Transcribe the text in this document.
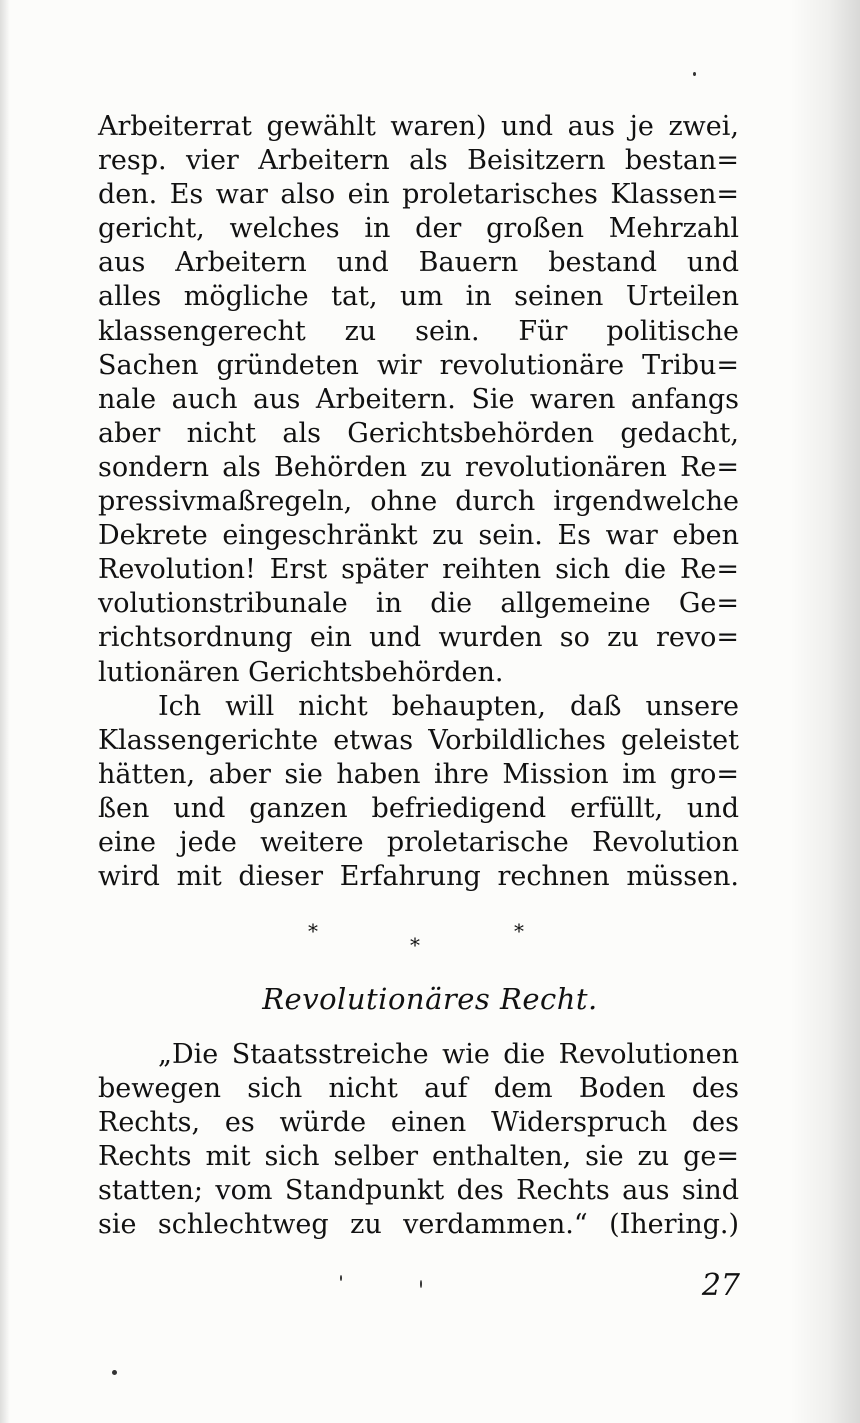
Arbeiterrat gewählt waren) und aus je zwei,
resp. vier Arbeitern als Beisitzern bestan=
den. Es war also ein proletarisches Klassen=
gericht, welches in der großen Mehrzahl
aus Arbeitern und Bauern bestand und
alles mögliche tat, um in seinen Urteilen
klassengerecht zu sein. Für politische
Sachen gründeten wir revolutionäre Tribu=
nale auch aus Arbeitern. Sie waren anfangs
aber nicht als Gerichtsbehörden gedacht,
sondern als Behörden zu revolutionären Re=
pressivmaßregeln, ohne durch irgendwelche
Dekrete eingeschränkt zu sein. Es war eben
Revolution! Erst später reihten sich die Re=
volutionstribunale in die allgemeine Ge=
richtsordnung ein und wurden so zu revo=
lutionären Gerichtsbehörden.
Ich will nicht behaupten, daß unsere
Klassengerichte etwas Vorbildliches geleistet
hätten, aber sie haben ihre Mission im gro=
ßen und ganzen befriedigend erfüllt, und
eine jede weitere proletarische Revolution
wird mit dieser Erfahrung rechnen müssen.
*
*
*
Revolutionäres Recht.
„Die Staatsstreiche wie die Revolutionen
bewegen sich nicht auf dem Boden des
Rechts, es würde einen Widerspruch des
Rechts mit sich selber enthalten, sie zu ge=
statten; vom Standpunkt des Rechts aus sind
sie schlechtweg zu verdammen.“ (Ihering.)
27
